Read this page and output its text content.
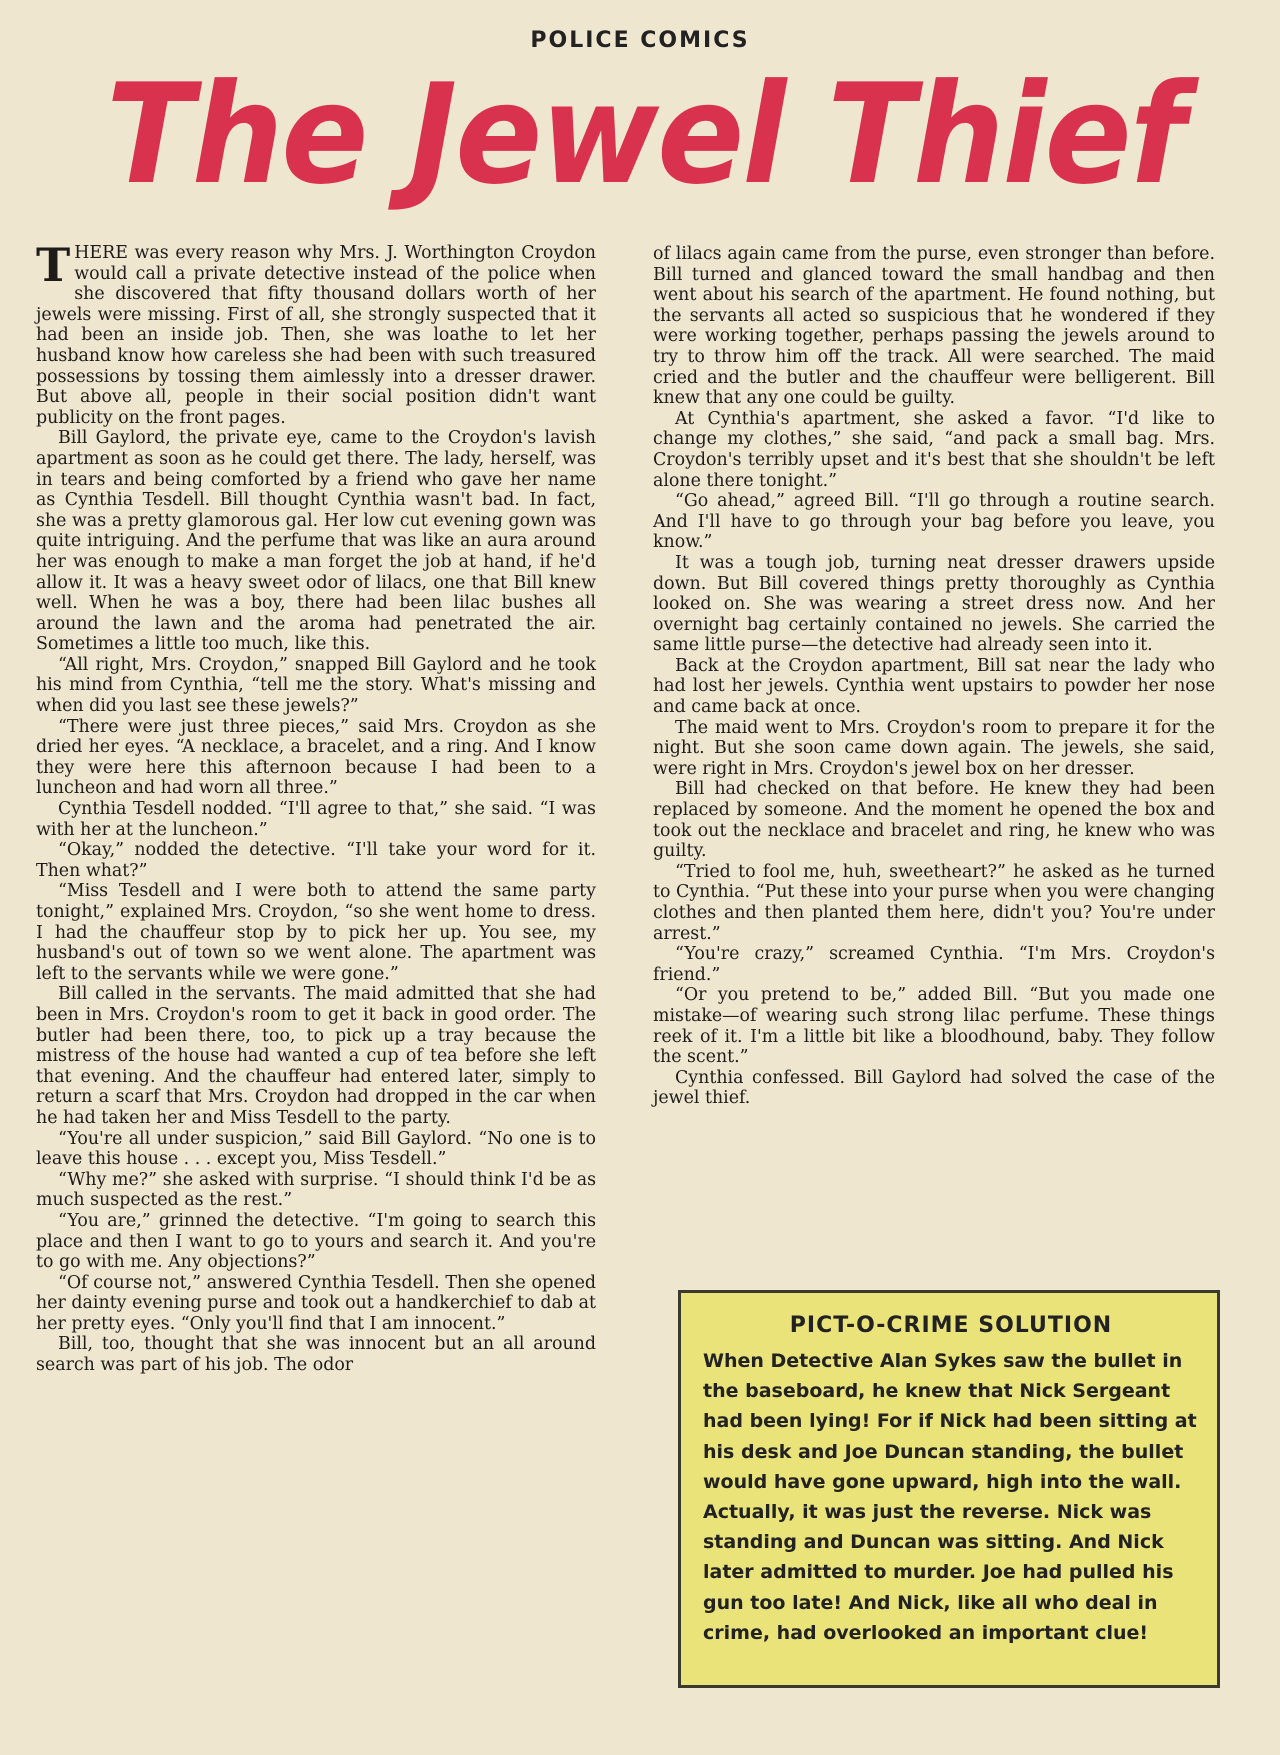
POLICE COMICS
The Jewel Thief

THERE was every reason why Mrs. J. Worthington Croydon would call a private detective instead of the police when she discovered that fifty thousand dollars worth of her jewels were missing. First of all, she strongly suspected that it had been an inside job. Then, she was loathe to let her husband know how careless she had been with such treasured possessions by tossing them aimlessly into a dresser drawer. But above all, people in their social position didn't want publicity on the front pages.

Bill Gaylord, the private eye, came to the Croydon's lavish apartment as soon as he could get there. The lady, herself, was in tears and being comforted by a friend who gave her name as Cynthia Tesdell. Bill thought Cynthia wasn't bad. In fact, she was a pretty glamorous gal. Her low cut evening gown was quite intriguing. And the perfume that was like an aura around her was enough to make a man forget the job at hand, if he'd allow it. It was a heavy sweet odor of lilacs, one that Bill knew well. When he was a boy, there had been lilac bushes all around the lawn and the aroma had penetrated the air. Sometimes a little too much, like this.

“All right, Mrs. Croydon,” snapped Bill Gaylord and he took his mind from Cynthia, “tell me the story. What's missing and when did you last see these jewels?”

“There were just three pieces,” said Mrs. Croydon as she dried her eyes. “A necklace, a bracelet, and a ring. And I know they were here this afternoon because I had been to a luncheon and had worn all three.”

Cynthia Tesdell nodded. “I'll agree to that,” she said. “I was with her at the luncheon.”

“Okay,” nodded the detective. “I'll take your word for it. Then what?”

“Miss Tesdell and I were both to attend the same party tonight,” explained Mrs. Croydon, “so she went home to dress. I had the chauffeur stop by to pick her up. You see, my husband's out of town so we went alone. The apartment was left to the servants while we were gone.”

Bill called in the servants. The maid admitted that she had been in Mrs. Croydon's room to get it back in good order. The butler had been there, too, to pick up a tray because the mistress of the house had wanted a cup of tea before she left that evening. And the chauffeur had entered later, simply to return a scarf that Mrs. Croydon had dropped in the car when he had taken her and Miss Tesdell to the party.

“You're all under suspicion,” said Bill Gaylord. “No one is to leave this house . . . except you, Miss Tesdell.”

“Why me?” she asked with surprise. “I should think I'd be as much suspected as the rest.”

“You are,” grinned the detective. “I'm going to search this place and then I want to go to yours and search it. And you're to go with me. Any objections?”

“Of course not,” answered Cynthia Tesdell. Then she opened her dainty evening purse and took out a handkerchief to dab at her pretty eyes. “Only you'll find that I am innocent.”

Bill, too, thought that she was innocent but an all around search was part of his job. The odor

of lilacs again came from the purse, even stronger than before. Bill turned and glanced toward the small handbag and then went about his search of the apartment. He found nothing, but the servants all acted so suspicious that he wondered if they were working together, perhaps passing the jewels around to try to throw him off the track. All were searched. The maid cried and the butler and the chauffeur were belligerent. Bill knew that any one could be guilty.

At Cynthia's apartment, she asked a favor. “I'd like to change my clothes,” she said, “and pack a small bag. Mrs. Croydon's terribly upset and it's best that she shouldn't be left alone there tonight.”

“Go ahead,” agreed Bill. “I'll go through a routine search. And I'll have to go through your bag before you leave, you know.”

It was a tough job, turning neat dresser drawers upside down. But Bill covered things pretty thoroughly as Cynthia looked on. She was wearing a street dress now. And her overnight bag certainly contained no jewels. She carried the same little purse—the detective had already seen into it.

Back at the Croydon apartment, Bill sat near the lady who had lost her jewels. Cynthia went upstairs to powder her nose and came back at once.

The maid went to Mrs. Croydon's room to prepare it for the night. But she soon came down again. The jewels, she said, were right in Mrs. Croydon's jewel box on her dresser.

Bill had checked on that before. He knew they had been replaced by someone. And the moment he opened the box and took out the necklace and bracelet and ring, he knew who was guilty.

“Tried to fool me, huh, sweetheart?” he asked as he turned to Cynthia. “Put these into your purse when you were changing clothes and then planted them here, didn't you? You're under arrest.”

“You're crazy,” screamed Cynthia. “I'm Mrs. Croydon's friend.”

“Or you pretend to be,” added Bill. “But you made one mistake—of wearing such strong lilac perfume. These things reek of it. I'm a little bit like a bloodhound, baby. They follow the scent.”

Cynthia confessed. Bill Gaylord had solved the case of the jewel thief.

PICT-O-CRIME SOLUTION

When Detective Alan Sykes saw the bullet in the baseboard, he knew that Nick Sergeant had been lying! For if Nick had been sitting at his desk and Joe Duncan standing, the bullet would have gone upward, high into the wall. Actually, it was just the reverse. Nick was standing and Duncan was sitting. And Nick later admitted to murder. Joe had pulled his gun too late! And Nick, like all who deal in crime, had overlooked an important clue!
